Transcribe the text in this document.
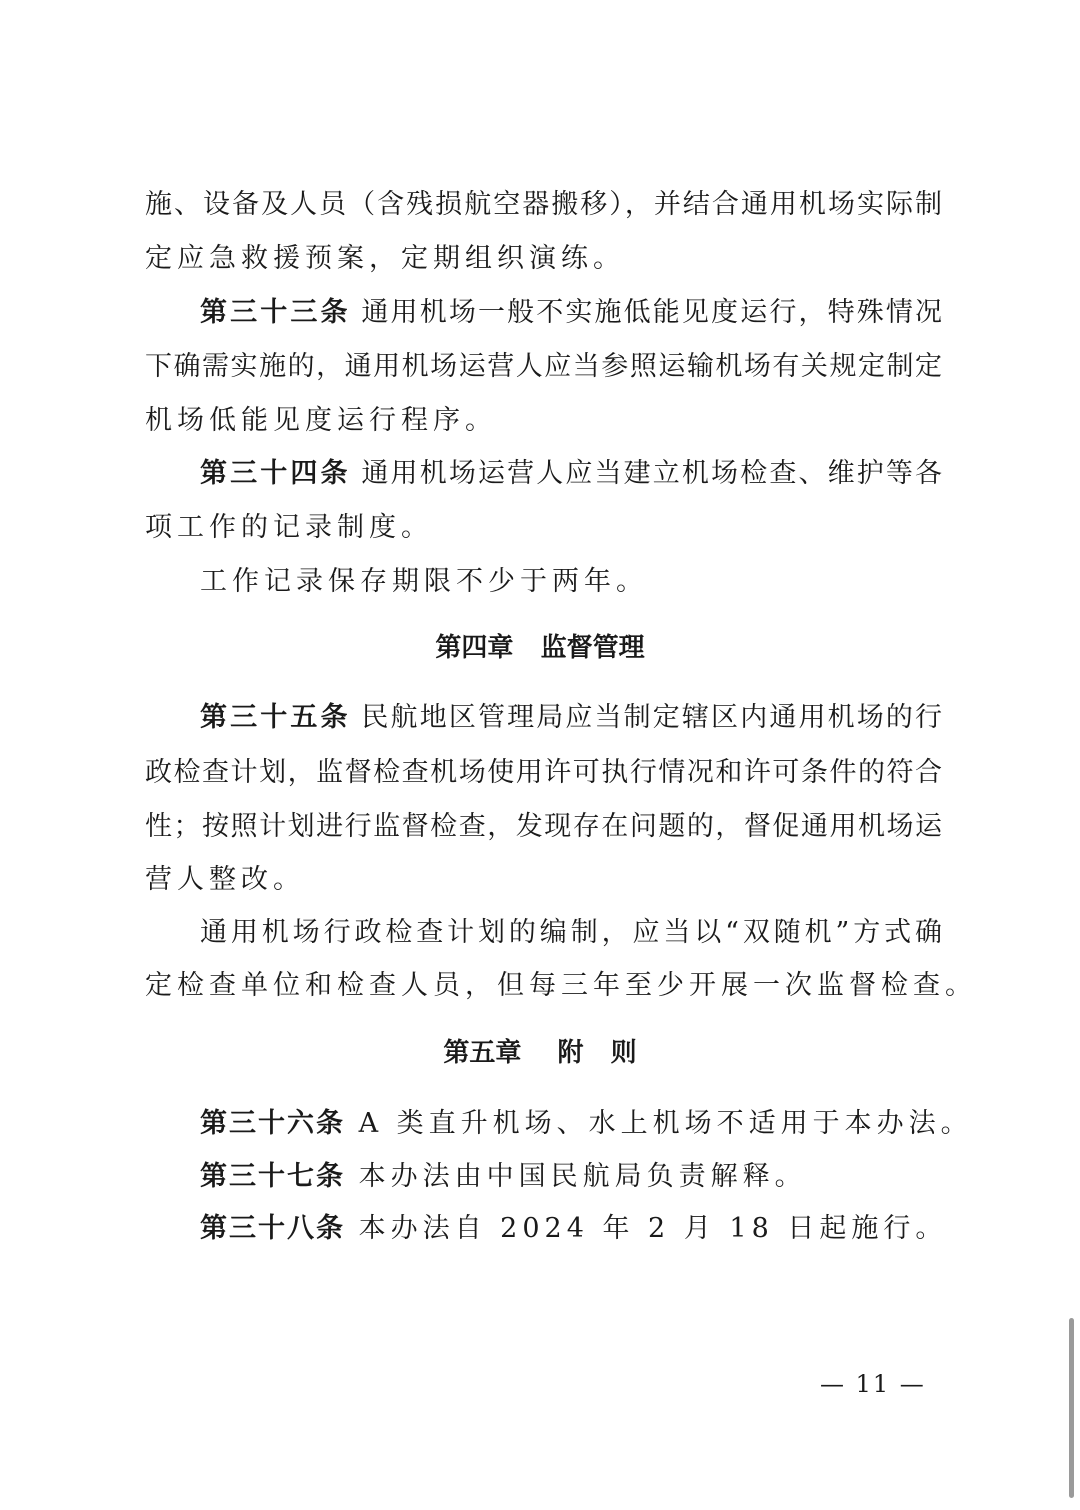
施、设备及人员（含残损航空器搬移），并结合通用机场实际制
定应急救援预案，定期组织演练。
第三十三条 通用机场一般不实施低能见度运行，特殊情况
下确需实施的，通用机场运营人应当参照运输机场有关规定制定
机场低能见度运行程序。
第三十四条 通用机场运营人应当建立机场检查、维护等各
项工作的记录制度。
工作记录保存期限不少于两年。
第四章   监督管理
第三十五条 民航地区管理局应当制定辖区内通用机场的行
政检查计划，监督检查机场使用许可执行情况和许可条件的符合
性；按照计划进行监督检查，发现存在问题的，督促通用机场运
营人整改。
通用机场行政检查计划的编制，应当以“双随机”方式确
定检查单位和检查人员，但每三年至少开展一次监督检查。
第五章    附   则
第三十六条 A 类直升机场、水上机场不适用于本办法。
第三十七条 本办法由中国民航局负责解释。
第三十八条 本办法自 2024 年 2 月 18 日起施行。
— 11 —
